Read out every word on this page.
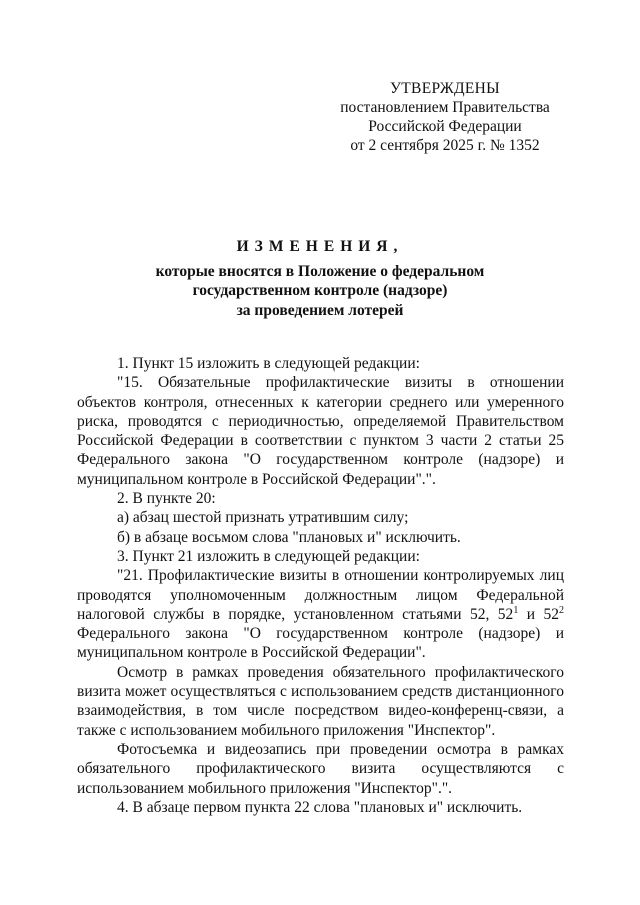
УТВЕРЖДЕНЫ
постановлением Правительства
Российской Федерации
от 2 сентября 2025 г. № 1352
ИЗМЕНЕНИЯ,
которые вносятся в Положение о федеральном
государственном контроле (надзоре)
за проведением лотерей

1. Пункт 15 изложить в следующей редакции:

"15. Обязательные профилактические визиты в отношении объектов контроля, отнесенных к категории среднего или умеренного риска, проводятся с периодичностью, определяемой Правительством Российской Федерации в соответствии с пунктом 3 части 2 статьи 25 Федерального закона "О государственном контроле (надзоре) и муниципальном контроле в Российской Федерации".".

2. В пункте 20:

а) абзац шестой признать утратившим силу;

б) в абзаце восьмом слова "плановых и" исключить.

3. Пункт 21 изложить в следующей редакции:

"21. Профилактические визиты в отношении контролируемых лиц проводятся уполномоченным должностным лицом Федеральной налоговой службы в порядке, установленном статьями 52, $52^1$ и $52^2$ Федерального закона "О государственном контроле (надзоре) и муниципальном контроле в Российской Федерации".

Осмотр в рамках проведения обязательного профилактического визита может осуществляться с использованием средств дистанционного взаимодействия, в том числе посредством видео-конференц-связи, а также с использованием мобильного приложения "Инспектор".

Фотосъемка и видеозапись при проведении осмотра в рамках обязательного профилактического визита осуществляются с использованием мобильного приложения "Инспектор".".

4. В абзаце первом пункта 22 слова "плановых и" исключить.
